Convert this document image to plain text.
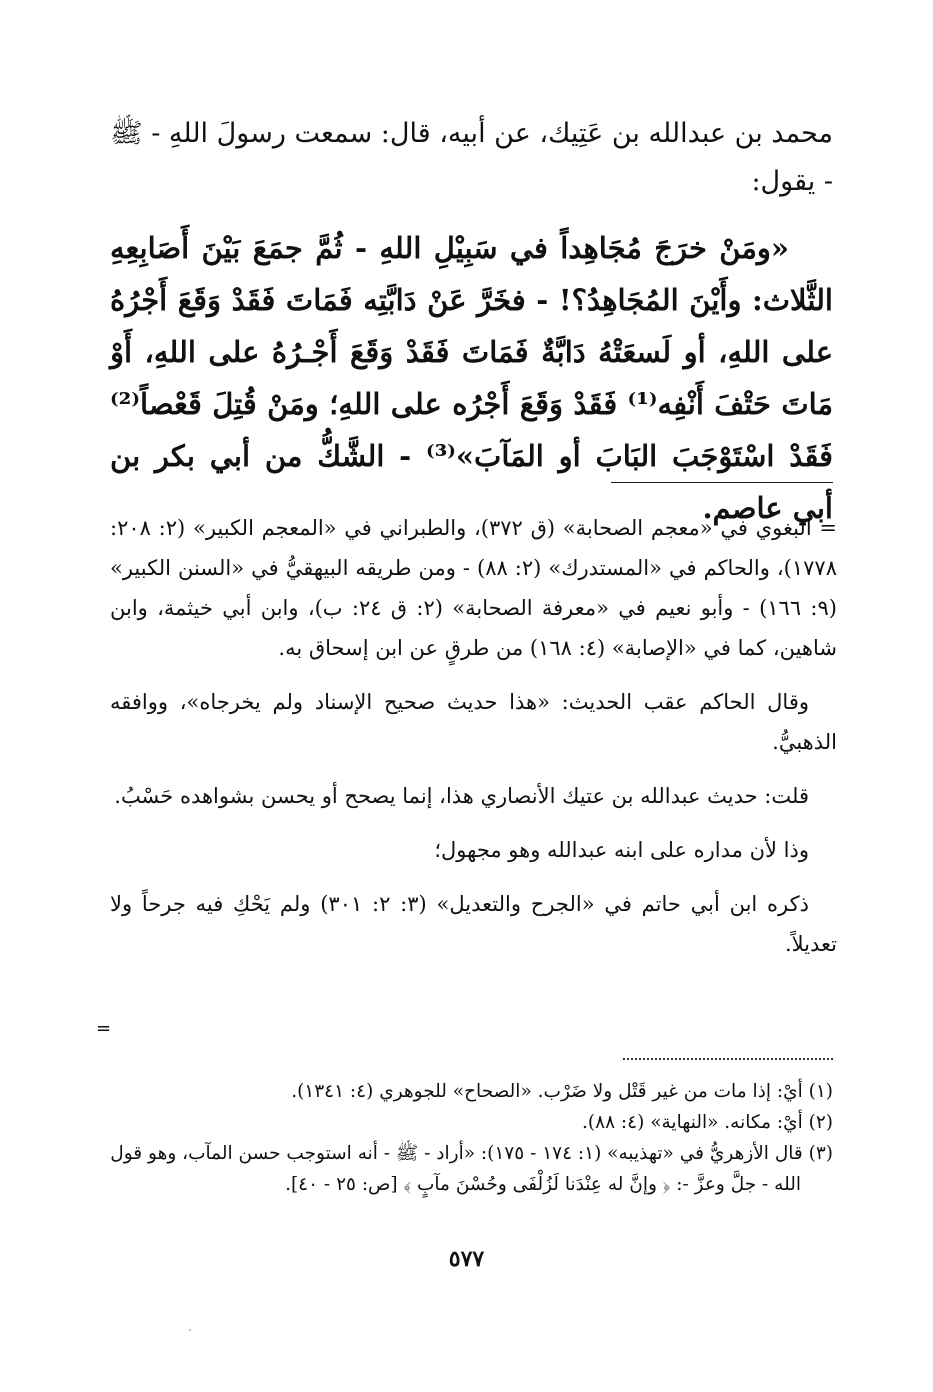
محمد بن عبدالله بن عَتِيك، عن أبيه، قال: سمعت رسولَ اللهِ - ﷺ - يقول:
«ومَنْ خرَجَ مُجَاهِداً في سَبِيْلِ اللهِ - ثُمَّ جمَعَ بَيْنَ أَصَابِعِهِ الثَّلاث: وأَيْنَ المُجَاهِدُ؟! - فخَرَّ عَنْ دَابَّتِه فَمَاتَ فَقَدْ وَقَعَ أَجْرُهُ على اللهِ، أو لَسعَتْهُ دَابَّةٌ فَمَاتَ فَقَدْ وَقَعَ أَجْـرُهُ على اللهِ، أَوْ مَاتَ حَتْفَ أَنْفِه⁽¹⁾ فَقَدْ وَقَعَ أَجْرُه على اللهِ؛ ومَنْ قُتِلَ قَعْصاً⁽²⁾ فَقَدْ اسْتَوْجَبَ البَابَ أو المَآبَ»⁽³⁾ - الشَّكُّ من أبي بكر بن أبي عاصم.

= البغوي في «معجم الصحابة» (ق ٣٧٢)، والطبراني في «المعجم الكبير» (٢: ٢٠٨: ١٧٧٨)، والحاكم في «المستدرك» (٢: ٨٨) - ومن طريقه البيهقيُّ في «السنن الكبير» (٩: ١٦٦) - وأبو نعيم في «معرفة الصحابة» (٢: ق ٢٤: ب)، وابن أبي خيثمة، وابن شاهين، كما في «الإصابة» (٤: ١٦٨) من طرقٍ عن ابن إسحاق به.

وقال الحاكم عقب الحديث: «هذا حديث صحيح الإسناد ولم يخرجاه»، ووافقه الذهبيُّ.

قلت: حديث عبدالله بن عتيك الأنصاري هذا، إنما يصحح أو يحسن بشواهده حَسْبُ.

وذا لأن مداره على ابنه عبدالله وهو مجهول؛

ذكره ابن أبي حاتم في «الجرح والتعديل» (٣: ٢: ٣٠١) ولم يَحْكِ فيه جرحاً ولا تعديلاً.

=
(١) أيْ: إذا مات من غير قَتْل ولا ضَرْب. «الصحاح» للجوهري (٤: ١٣٤١).
(٢) أيْ: مكانه. «النهاية» (٤: ٨٨).
(٣) قال الأزهريُّ في «تهذيبه» (١: ١٧٤ - ١٧٥): «أراد - ﷺ - أنه استوجب حسن المآب، وهو قول الله - جلَّ وعزَّ -: ﴿ وإنَّ له عِنْدَنا لَزُلْفَى وحُسْنَ مآبٍ ﴾ [ص: ٢٥ - ٤٠].
٥٧٧
